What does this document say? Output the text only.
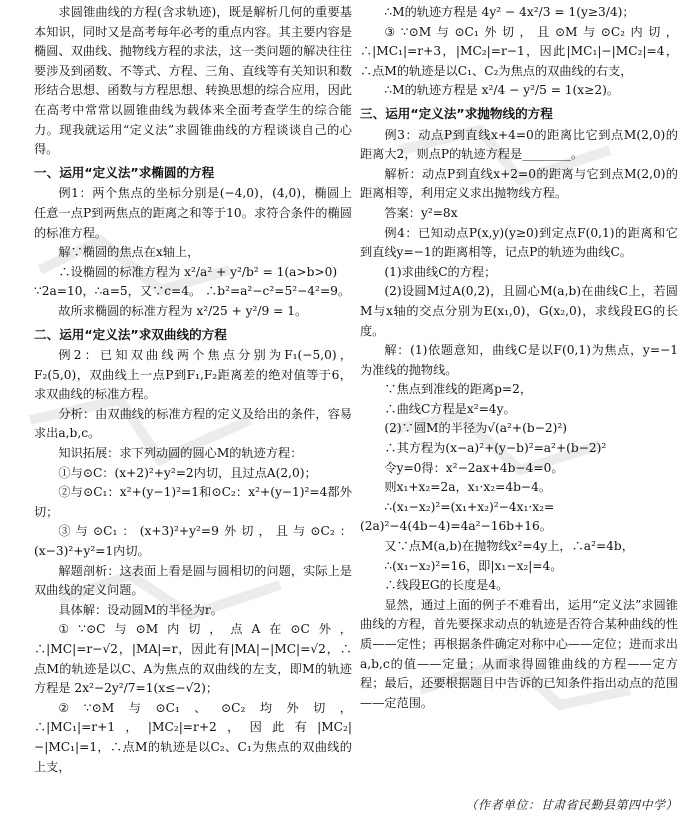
求圆锥曲线的方程(含求轨迹)，既是解析几何的重要基本知识，同时又是高考每年必考的重点内容。其主要内容是椭圆、双曲线、抛物线方程的求法，这一类问题的解决往往要涉及到函数、不等式、方程、三角、直线等有关知识和数形结合思想、函数与方程思想、转换思想的综合应用，因此在高考中常常以圆锥曲线为载体来全面考查学生的综合能力。现我就运用“定义法”求圆锥曲线的方程谈谈自己的心得。

一、运用“定义法”求椭圆的方程

例1：两个焦点的坐标分别是(−4,0)，(4,0)，椭圆上任意一点P到两焦点的距离之和等于10。求符合条件的椭圆的标准方程。

解∵椭圆的焦点在x轴上，

∴设椭圆的标准方程为 x²/a² + y²/b² = 1(a>b>0)

∵2a=10，∴a=5，又∵c=4。 ∴b²=a²−c²=5²−4²=9。

故所求椭圆的标准方程为 x²/25 + y²/9 = 1。

二、运用“定义法”求双曲线的方程

例2：已知双曲线两个焦点分别为F₁(−5,0)，F₂(5,0)，双曲线上一点P到F₁,F₂距离差的绝对值等于6，求双曲线的标准方程。

分析：由双曲线的标准方程的定义及给出的条件，容易求出a,b,c。

知识拓展：求下列动圆的圆心M的轨迹方程：

①与⊙C：(x+2)²+y²=2内切，且过点A(2,0)；

②与⊙C₁：x²+(y−1)²=1和⊙C₂：x²+(y−1)²=4都外切；

③与⊙C₁：(x+3)²+y²=9外切，且与⊙C₂：(x−3)²+y²=1内切。

解题剖析：这表面上看是圆与圆相切的问题，实际上是双曲线的定义问题。

具体解：设动圆M的半径为r。

①∵⊙C与⊙M内切，点A在⊙C外，∴|MC|=r−√2，|MA|=r，因此有|MA|−|MC|=√2，∴点M的轨迹是以C、A为焦点的双曲线的左支，即M的轨迹方程是 2x²−2y²/7=1(x≤−√2)；

②∵⊙M与⊙C₁、⊙C₂均外切，∴|MC₁|=r+1，|MC₂|=r+2，因此有|MC₂|−|MC₁|=1，∴点M的轨迹是以C₂、C₁为焦点的双曲线的上支，

∴M的轨迹方程是 4y² − 4x²/3 = 1(y≥3/4)；

③∵⊙M与⊙C₁外切，且⊙M与⊙C₂内切，∴|MC₁|=r+3，|MC₂|=r−1，因此|MC₁|−|MC₂|=4，∴点M的轨迹是以C₁、C₂为焦点的双曲线的右支，

∴M的轨迹方程是 x²/4 − y²/5 = 1(x≥2)。

三、运用“定义法”求抛物线的方程

例3：动点P到直线x+4=0的距离比它到点M(2,0)的距离大2，则点P的轨迹方程是________。

解析：动点P到直线x+2=0的距离与它到点M(2,0)的距离相等，利用定义求出抛物线方程。

答案：y²=8x

例4：已知动点P(x,y)(y≥0)到定点F(0,1)的距离和它到直线y=−1的距离相等，记点P的轨迹为曲线C。

(1)求曲线C的方程；

(2)设圆M过A(0,2)，且圆心M(a,b)在曲线C上，若圆M与x轴的交点分别为E(x₁,0)，G(x₂,0)，求线段EG的长度。

解：(1)依题意知，曲线C是以F(0,1)为焦点，y=−1为准线的抛物线。

∵焦点到准线的距离p=2，

∴曲线C方程是x²=4y。

(2)∵圆M的半径为√(a²+(b−2)²)

∴其方程为(x−a)²+(y−b)²=a²+(b−2)²

令y=0得：x²−2ax+4b−4=0。

则x₁+x₂=2a，x₁·x₂=4b−4。

∴(x₁−x₂)²=(x₁+x₂)²−4x₁·x₂=(2a)²−4(4b−4)=4a²−16b+16。

又∵点M(a,b)在抛物线x²=4y上，∴a²=4b，

∴(x₁−x₂)²=16，即|x₁−x₂|=4。

∴线段EG的长度是4。

显然，通过上面的例子不难看出，运用“定义法”求圆锥曲线的方程，首先要探求动点的轨迹是否符合某种曲线的性质——定性；再根据条件确定对称中心——定位；进而求出a,b,c的值——定量；从而求得圆锥曲线的方程——定方程；最后，还要根据题目中告诉的已知条件指出动点的范围——定范围。

（作者单位：甘肃省民勤县第四中学）
